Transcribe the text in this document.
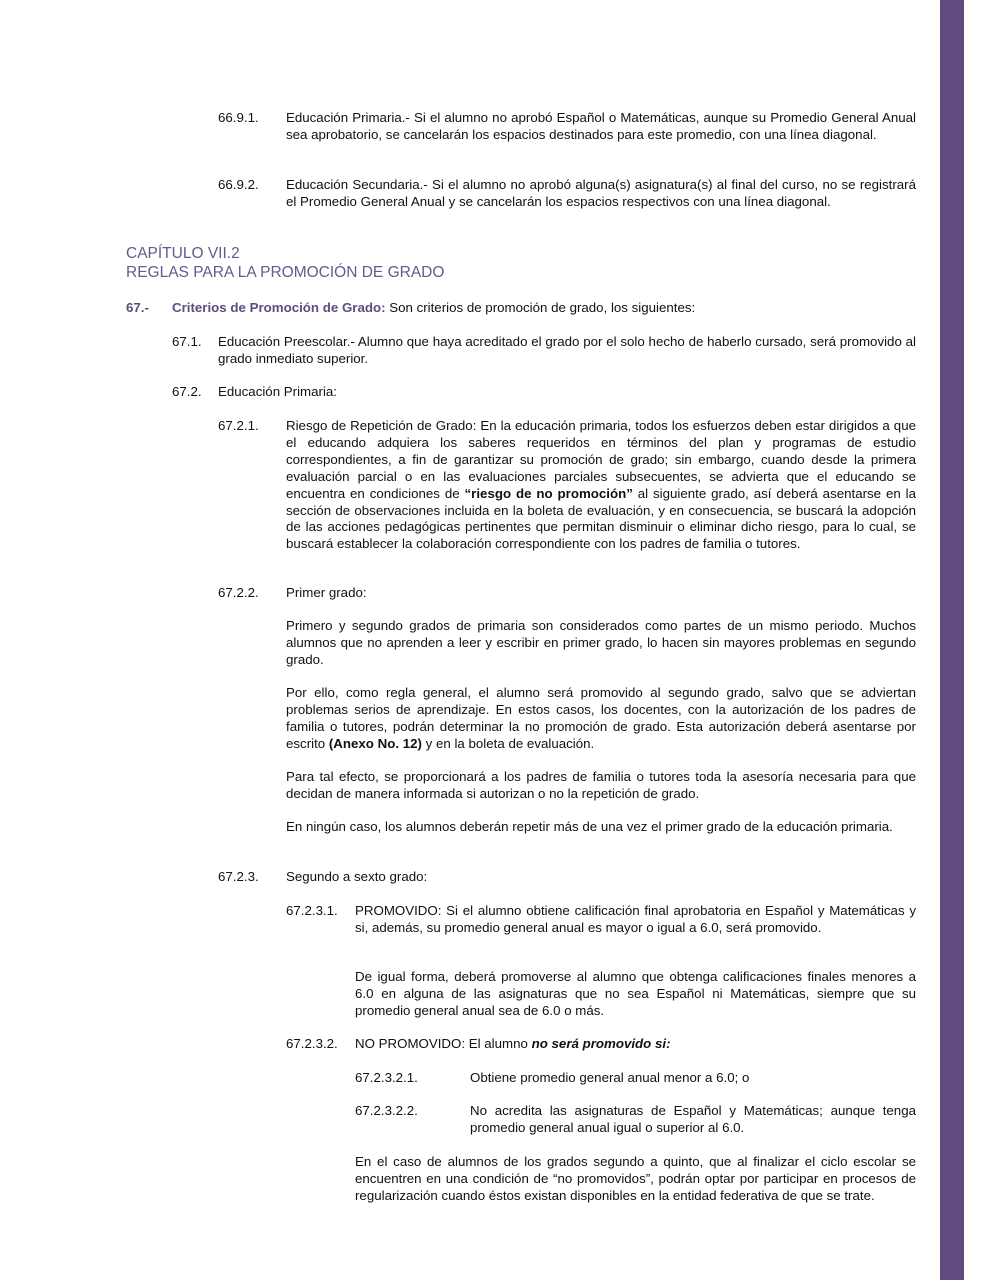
66.9.1. Educación Primaria.- Si el alumno no aprobó Español o Matemáticas, aunque su Promedio General Anual sea aprobatorio, se cancelarán los espacios destinados para este promedio, con una línea diagonal.

66.9.2. Educación Secundaria.- Si el alumno no aprobó alguna(s) asignatura(s) al final del curso, no se registrará el Promedio General Anual y se cancelarán los espacios respectivos con una línea diagonal.

CAPÍTULO VII.2
REGLAS PARA LA PROMOCIÓN DE GRADO
67.- Criterios de Promoción de Grado: Son criterios de promoción de grado, los siguientes:

67.1. Educación Preescolar.- Alumno que haya acreditado el grado por el solo hecho de haberlo cursado, será promovido al grado inmediato superior.

67.2. Educación Primaria:

67.2.1. Riesgo de Repetición de Grado: En la educación primaria, todos los esfuerzos deben estar dirigidos a que el educando adquiera los saberes requeridos en términos del plan y programas de estudio correspondientes, a fin de garantizar su promoción de grado; sin embargo, cuando desde la primera evaluación parcial o en las evaluaciones parciales subsecuentes, se advierta que el educando se encuentra en condiciones de “riesgo de no promoción” al siguiente grado, así deberá asentarse en la sección de observaciones incluida en la boleta de evaluación, y en consecuencia, se buscará la adopción de las acciones pedagógicas pertinentes que permitan disminuir o eliminar dicho riesgo, para lo cual, se buscará establecer la colaboración correspondiente con los padres de familia o tutores.

67.2.2. Primer grado:

Primero y segundo grados de primaria son considerados como partes de un mismo periodo. Muchos alumnos que no aprenden a leer y escribir en primer grado, lo hacen sin mayores problemas en segundo grado.

Por ello, como regla general, el alumno será promovido al segundo grado, salvo que se adviertan problemas serios de aprendizaje. En estos casos, los docentes, con la autorización de los padres de familia o tutores, podrán determinar la no promoción de grado. Esta autorización deberá asentarse por escrito (Anexo No. 12) y en la boleta de evaluación.

Para tal efecto, se proporcionará a los padres de familia o tutores toda la asesoría necesaria para que decidan de manera informada si autorizan o no la repetición de grado.

En ningún caso, los alumnos deberán repetir más de una vez el primer grado de la educación primaria.

67.2.3. Segundo a sexto grado:

67.2.3.1. PROMOVIDO: Si el alumno obtiene calificación final aprobatoria en Español y Matemáticas y si, además, su promedio general anual es mayor o igual a 6.0, será promovido.

De igual forma, deberá promoverse al alumno que obtenga calificaciones finales menores a 6.0 en alguna de las asignaturas que no sea Español ni Matemáticas, siempre que su promedio general anual sea de 6.0 o más.

67.2.3.2. NO PROMOVIDO: El alumno no será promovido si:

67.2.3.2.1.	Obtiene promedio general anual menor a 6.0; o

67.2.3.2.2.	No acredita las asignaturas de Español y Matemáticas; aunque tenga promedio general anual igual o superior al 6.0.

En el caso de alumnos de los grados segundo a quinto, que al finalizar el ciclo escolar se encuentren en una condición de “no promovidos”, podrán optar por participar en procesos de regularización cuando éstos existan disponibles en la entidad federativa de que se trate.
